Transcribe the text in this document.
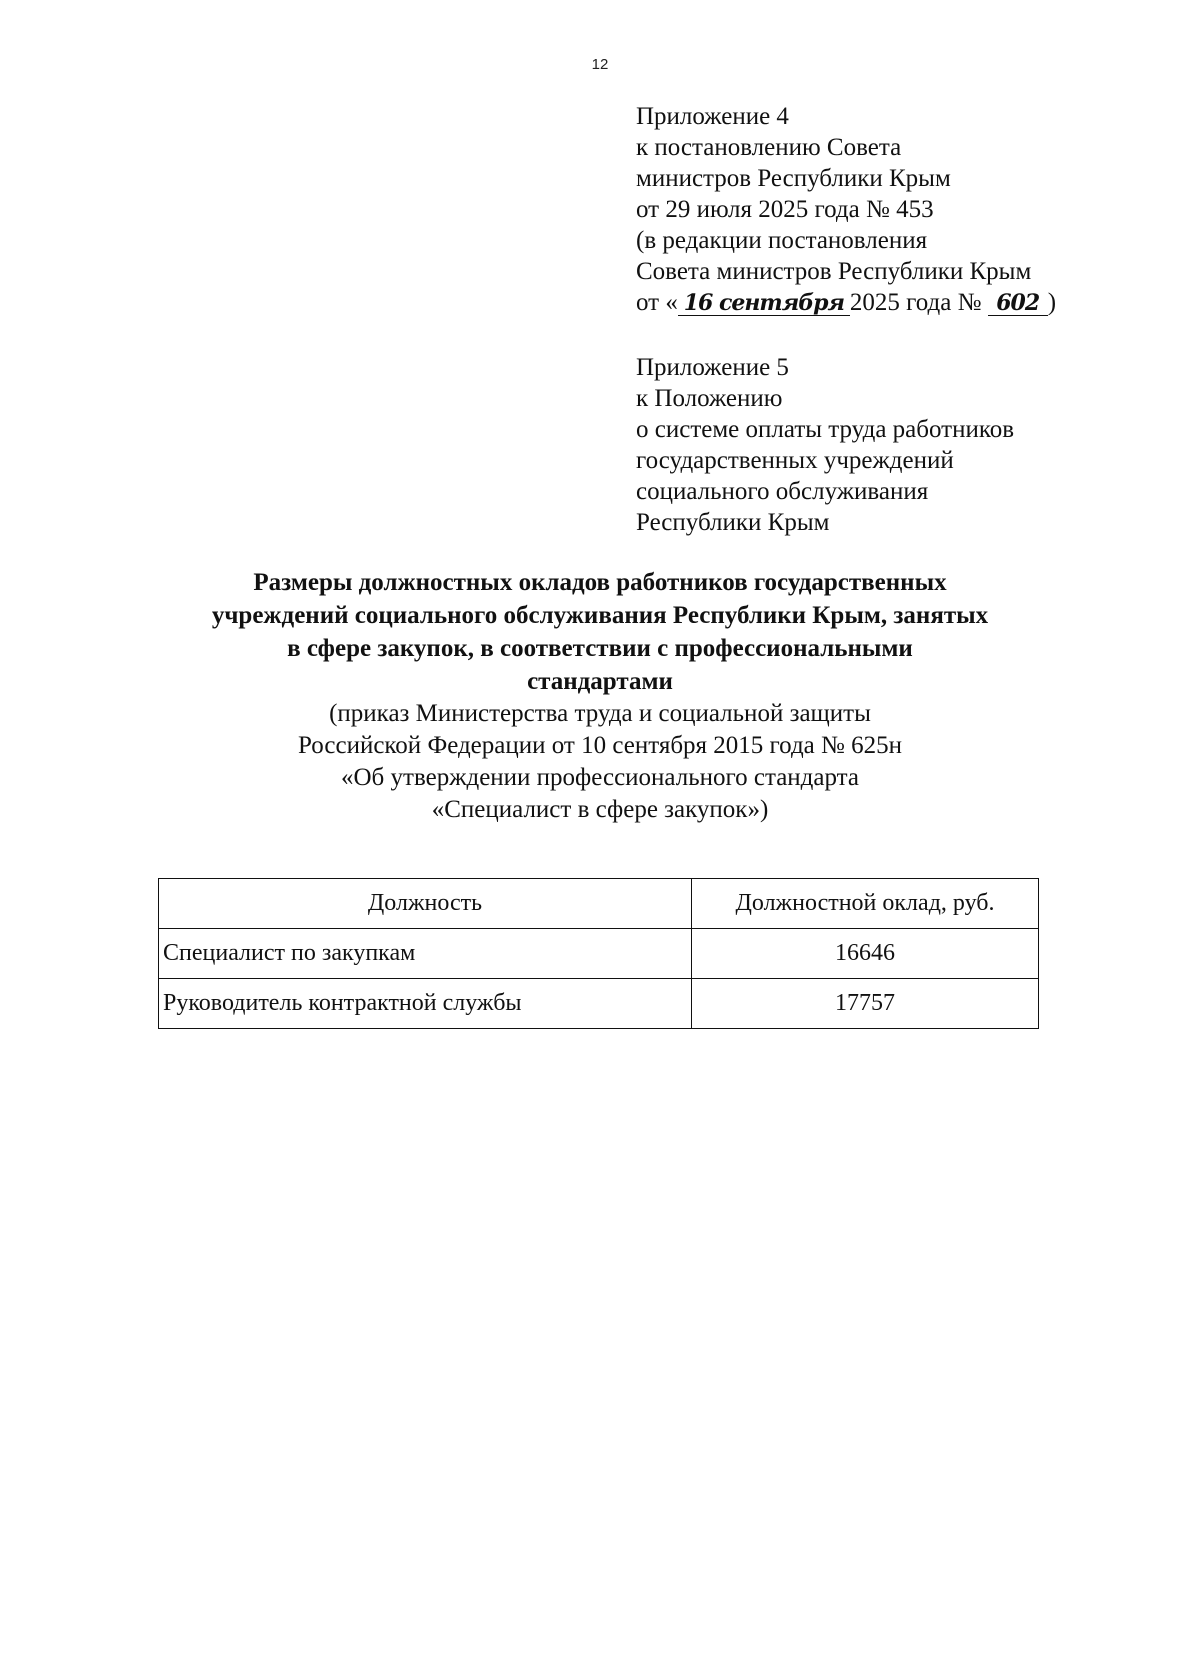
12
Приложение 4
к постановлению Совета
министров Республики Крым
от 29 июля 2025 года № 453
(в редакции постановления
Совета министров Республики Крым
от « 16 сентября 2025 года № 602 )
Приложение 5
к Положению
о системе оплаты труда работников
государственных учреждений
социального обслуживания
Республики Крым
Размеры должностных окладов работников государственных
учреждений социального обслуживания Республики Крым, занятых
в сфере закупок, в соответствии с профессиональными
стандартами
(приказ Министерства труда и социальной защиты
Российской Федерации от 10 сентября 2015 года № 625н
«Об утверждении профессионального стандарта
«Специалист в сфере закупок»)
Должность	Должностной оклад, руб.
Специалист по закупкам	16646
Руководитель контрактной службы	17757
